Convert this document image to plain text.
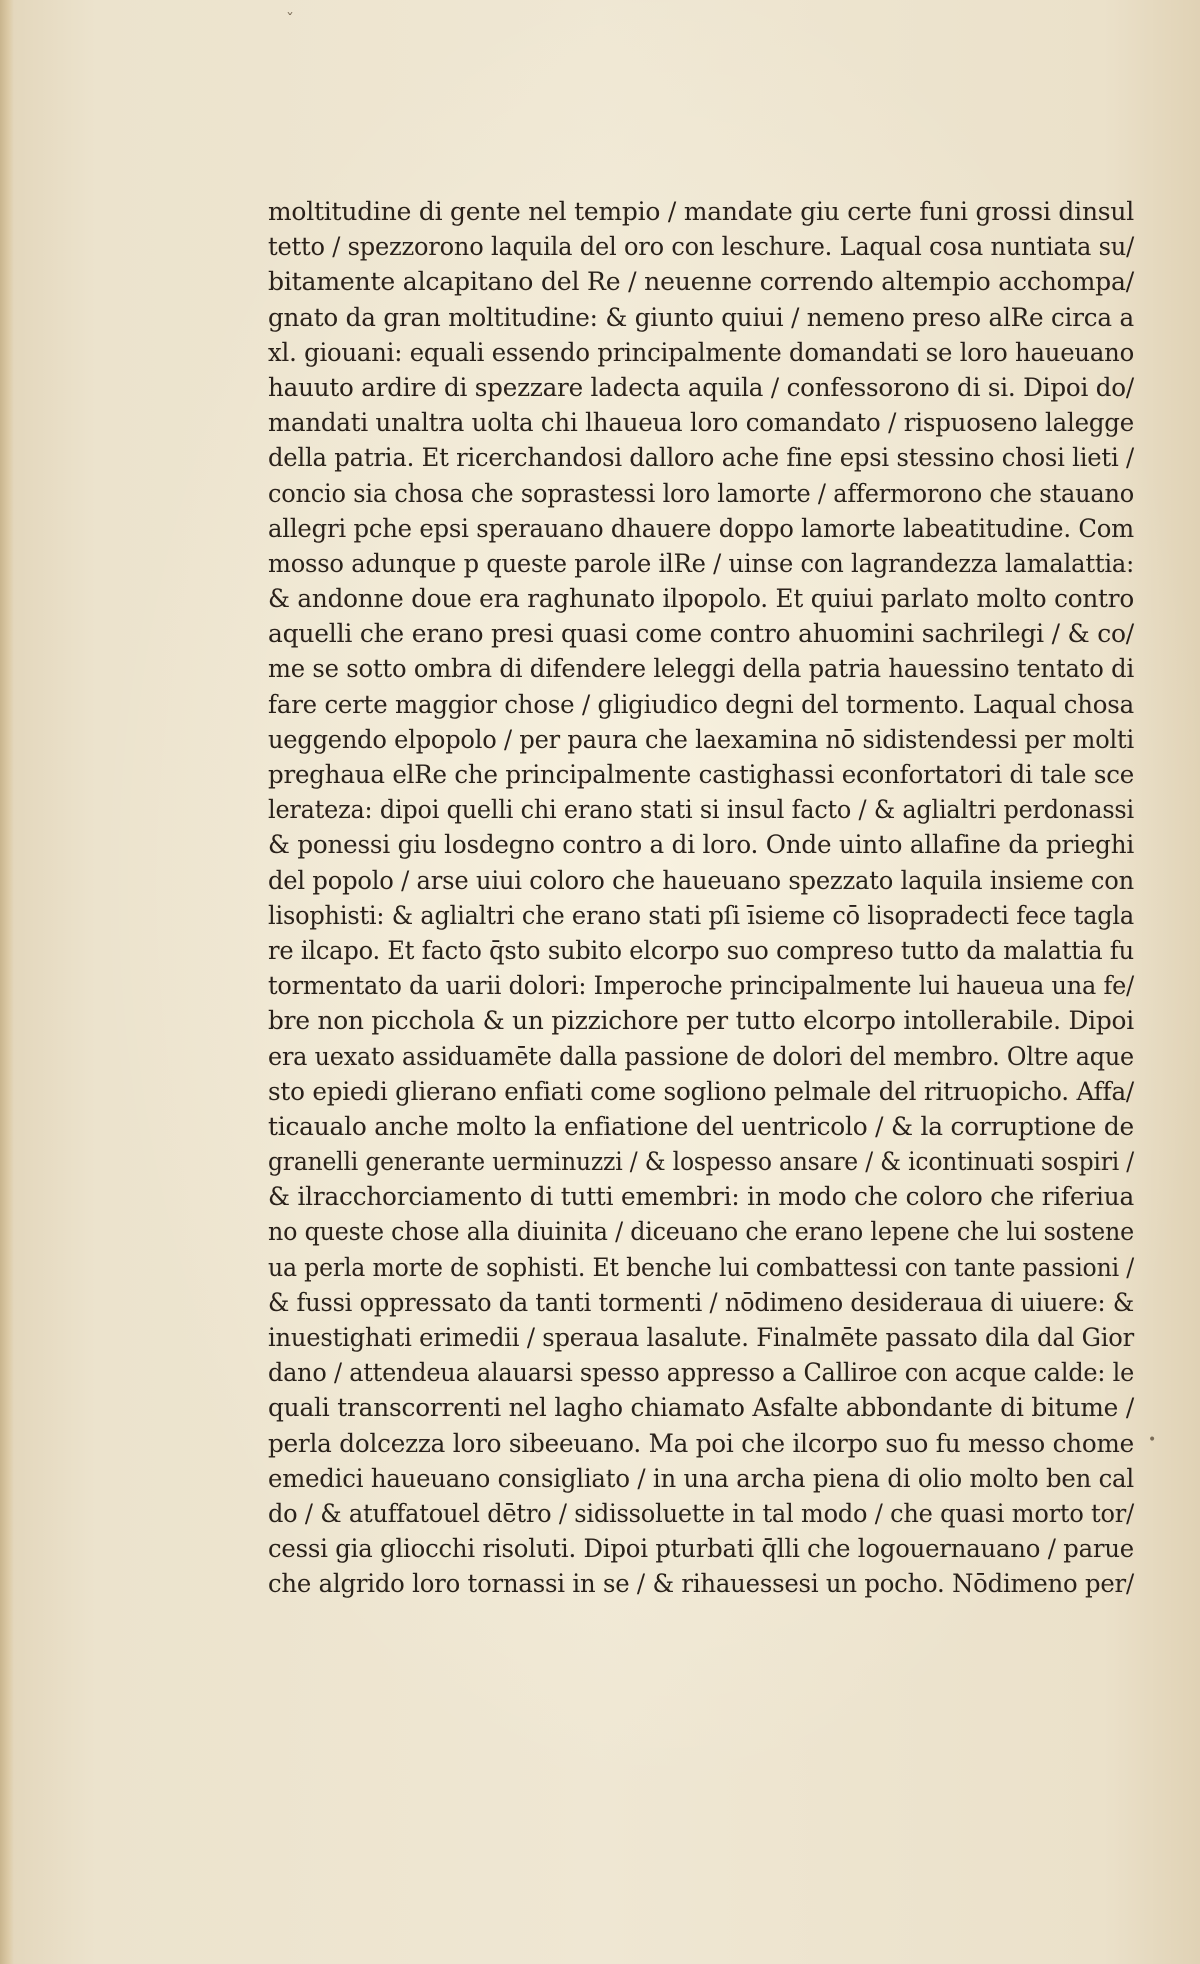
ˇ
•
moltitudine di gente nel tempio / mandate giu certe funi grossi dinsul
tetto / spezzorono laquila del oro con leschure. Laqual cosa nuntiata su/
bitamente alcapitano del Re / neuenne correndo altempio acchompa/
gnato da gran moltitudine: & giunto quiui / nemeno preso alRe circa a
xl. giouani: equali essendo principalmente domandati se loro haueuano
hauuto ardire di spezzare ladecta aquila / confessorono di si. Dipoi do/
mandati unaltra uolta chi lhaueua loro comandato / rispuoseno lalegge
della patria. Et ricerchandosi dalloro ache fine epsi stessino chosi lieti /
concio sia chosa che soprastessi loro lamorte / affermorono che stauano
allegri pche epsi sperauano dhauere doppo lamorte labeatitudine. Com
mosso adunque p queste parole ilRe / uinse con lagrandezza lamalattia:
& andonne doue era raghunato ilpopolo. Et quiui parlato molto contro
aquelli che erano presi quasi come contro ahuomini sachrilegi / & co/
me se sotto ombra di difendere leleggi della patria hauessino tentato di
fare certe maggior chose / gligiudico degni del tormento. Laqual chosa
ueggendo elpopolo / per paura che laexamina nō sidistendessi per molti
preghaua elRe che principalmente castighassi econfortatori di tale sce
lerateza: dipoi quelli chi erano stati si insul facto / & aglialtri perdonassi
& ponessi giu losdegno contro a di loro. Onde uinto allafine da prieghi
del popolo / arse uiui coloro che haueuano spezzato laquila insieme con
lisophisti: & aglialtri che erano stati pſi īsieme cō lisopradecti fece tagla
re ilcapo. Et facto q̄sto subito elcorpo suo compreso tutto da malattia fu
tormentato da uarii dolori: Imperoche principalmente lui haueua una fe/
bre non picchola & un pizzichore per tutto elcorpo intollerabile. Dipoi
era uexato assiduamēte dalla passione de dolori del membro. Oltre aque
sto epiedi glierano enfiati come sogliono pelmale del ritruopicho. Affa/
ticaualo anche molto la enfiatione del uentricolo / & la corruptione de
granelli generante uerminuzzi / & lospesso ansare / & icontinuati sospiri /
& ilracchorciamento di tutti emembri: in modo che coloro che riferiua
no queste chose alla diuinita / diceuano che erano lepene che lui sostene
ua perla morte de sophisti. Et benche lui combattessi con tante passioni /
& fussi oppressato da tanti tormenti / nōdimeno desideraua di uiuere: &
inuestighati erimedii / speraua lasalute. Finalmēte passato dila dal Gior
dano / attendeua alauarsi spesso appresso a Calliroe con acque calde: le
quali transcorrenti nel lagho chiamato Asfalte abbondante di bitume /
perla dolcezza loro sibeeuano. Ma poi che ilcorpo suo fu messo chome
emedici haueuano consigliato / in una archa piena di olio molto ben cal
do / & atuffatouel dētro / sidissoluette in tal modo / che quasi morto tor/
cessi gia gliocchi risoluti. Dipoi pturbati q̄lli che logouernauano / parue
che algrido loro tornassi in se / & rihauessesi un pocho. Nōdimeno per/
